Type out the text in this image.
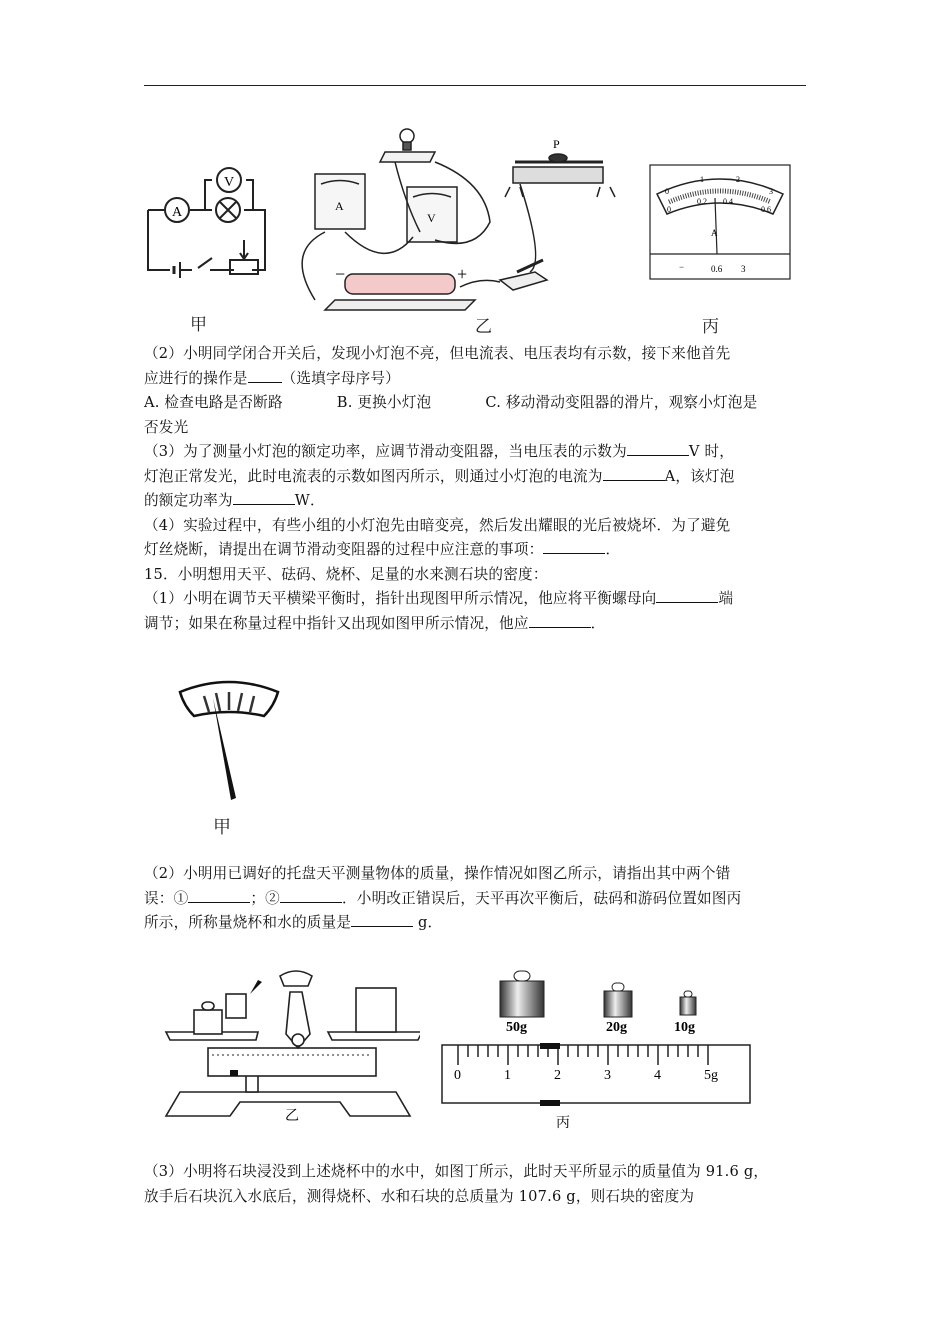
A
V
甲
A
V
P
−	+
乙
0
1	2
3
0
0.2 0.4
0.6
A
−	0.6 3
丙

（2）小明同学闭合开关后，发现小灯泡不亮，但电流表、电压表均有示数，接下来他首先

应进行的操作是 （选填字母序号）

A. 检查电路是否断路	B. 更换小灯泡	C. 移动滑动变阻器的滑片，观察小灯泡是

否发光

（3）为了测量小灯泡的额定功率，应调节滑动变阻器，当电压表的示数为	V 时，

灯泡正常发光，此时电流表的示数如图丙所示，则通过小灯泡的电流为	A，该灯泡

的额定功率为	W．

（4）实验过程中，有些小组的小灯泡先由暗变亮，然后发出耀眼的光后被烧坏．为了避免

灯丝烧断，请提出在调节滑动变阻器的过程中应注意的事项：	．

15．小明想用天平、砝码、烧杯、足量的水来测石块的密度：

（1）小明在调节天平横梁平衡时，指针出现图甲所示情况，他应将平衡螺母向	端

调节；如果在称量过程中指针又出现如图甲所示情况，他应	．

甲

（2）小明用已调好的托盘天平测量物体的质量，操作情况如图乙所示，请指出其中两个错

误：①	；②	．小明改正错误后，天平再次平衡后，砝码和游码位置如图丙

所示，所称量烧杯和水的质量是	g．

乙
50g	20g	10g
0	1	2	3	4	5g
丙

（3）小明将石块浸没到上述烧杯中的水中，如图丁所示，此时天平所显示的质量值为 91.6 g，

放手后石块沉入水底后，测得烧杯、水和石块的总质量为 107.6 g，则石块的密度为
